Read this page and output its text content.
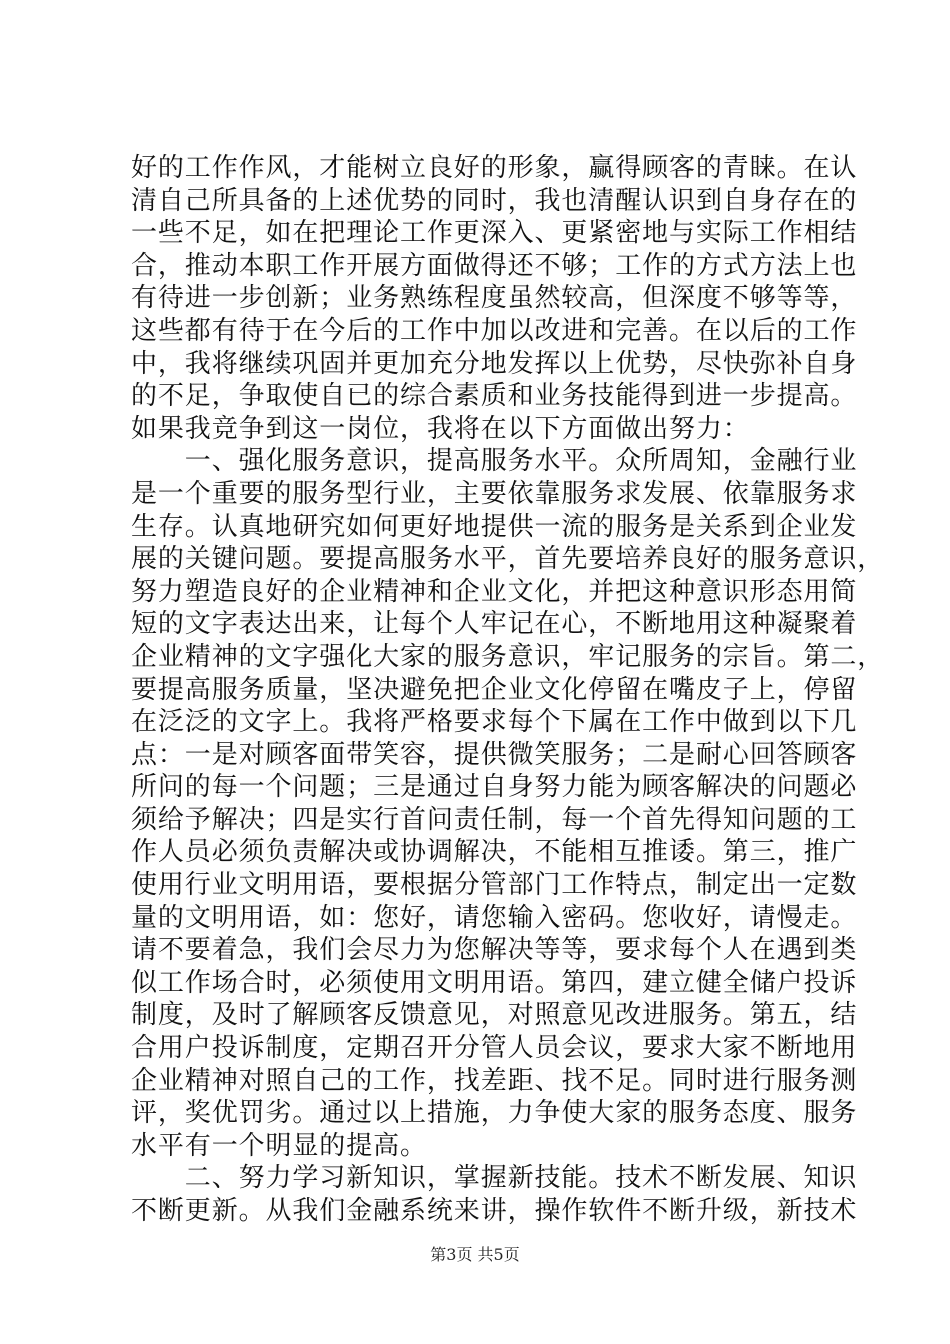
好的工作作风，才能树立良好的形象，赢得顾客的青睐。在认
清自己所具备的上述优势的同时，我也清醒认识到自身存在的
一些不足，如在把理论工作更深入、更紧密地与实际工作相结
合，推动本职工作开展方面做得还不够；工作的方式方法上也
有待进一步创新；业务熟练程度虽然较高，但深度不够等等，
这些都有待于在今后的工作中加以改进和完善。在以后的工作
中，我将继续巩固并更加充分地发挥以上优势，尽快弥补自身
的不足，争取使自已的综合素质和业务技能得到进一步提高。
如果我竞争到这一岗位，我将在以下方面做出努力：
　　一、强化服务意识，提高服务水平。众所周知，金融行业
是一个重要的服务型行业，主要依靠服务求发展、依靠服务求
生存。认真地研究如何更好地提供一流的服务是关系到企业发
展的关键问题。要提高服务水平，首先要培养良好的服务意识，
努力塑造良好的企业精神和企业文化，并把这种意识形态用简
短的文字表达出来，让每个人牢记在心，不断地用这种凝聚着
企业精神的文字强化大家的服务意识，牢记服务的宗旨。第二，
要提高服务质量，坚决避免把企业文化停留在嘴皮子上，停留
在泛泛的文字上。我将严格要求每个下属在工作中做到以下几
点：一是对顾客面带笑容，提供微笑服务；二是耐心回答顾客
所问的每一个问题；三是通过自身努力能为顾客解决的问题必
须给予解决；四是实行首问责任制，每一个首先得知问题的工
作人员必须负责解决或协调解决，不能相互推诿。第三，推广
使用行业文明用语，要根据分管部门工作特点，制定出一定数
量的文明用语，如：您好，请您输入密码。您收好，请慢走。
请不要着急，我们会尽力为您解决等等，要求每个人在遇到类
似工作场合时，必须使用文明用语。第四，建立健全储户投诉
制度，及时了解顾客反馈意见，对照意见改进服务。第五，结
合用户投诉制度，定期召开分管人员会议，要求大家不断地用
企业精神对照自己的工作，找差距、找不足。同时进行服务测
评，奖优罚劣。通过以上措施，力争使大家的服务态度、服务
水平有一个明显的提高。
　　二、努力学习新知识，掌握新技能。技术不断发展、知识
不断更新。从我们金融系统来讲，操作软件不断升级，新技术
第3页 共5页
